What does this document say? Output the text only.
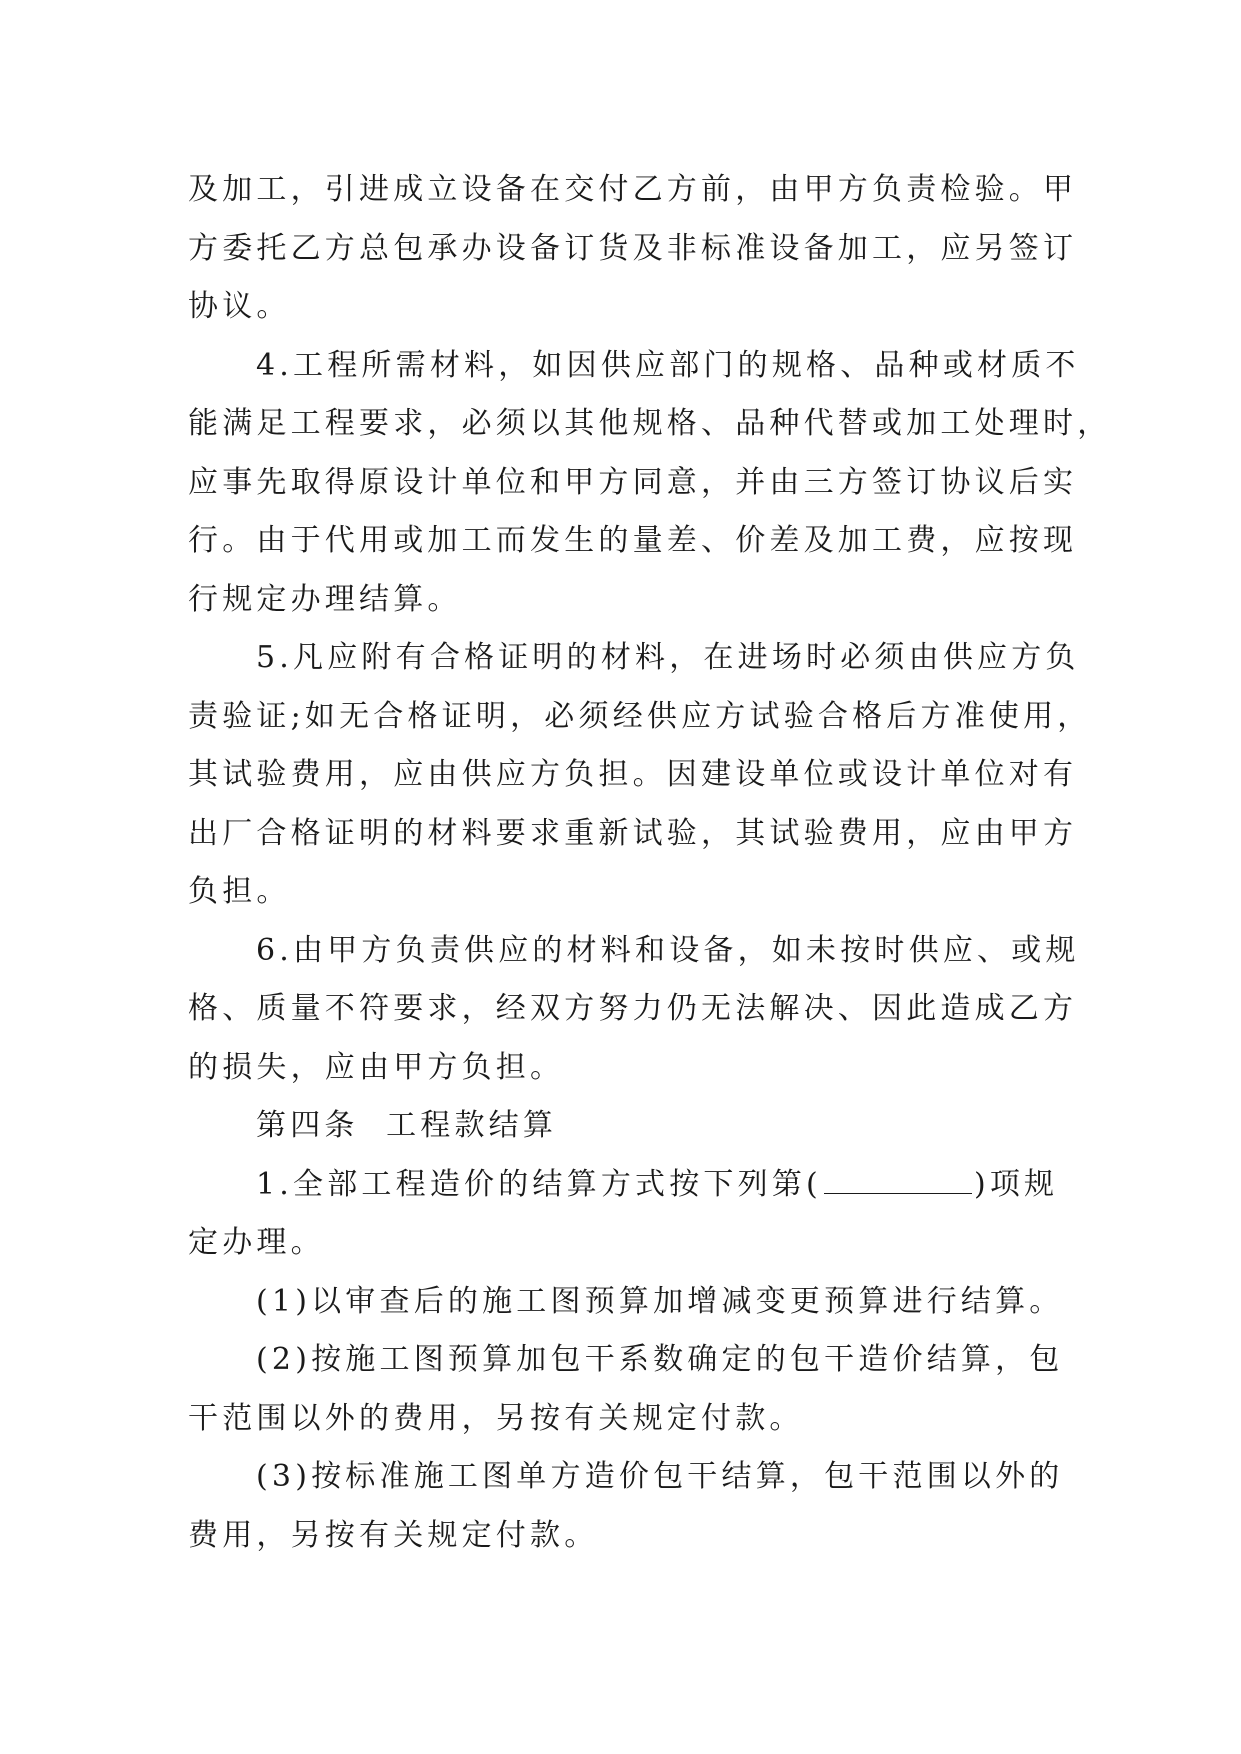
及加工，引进成立设备在交付乙方前，由甲方负责检验。甲
方委托乙方总包承办设备订货及非标准设备加工，应另签订
协议。
4.工程所需材料，如因供应部门的规格、品种或材质不
能满足工程要求，必须以其他规格、品种代替或加工处理时，
应事先取得原设计单位和甲方同意，并由三方签订协议后实
行。由于代用或加工而发生的量差、价差及加工费，应按现
行规定办理结算。
5.凡应附有合格证明的材料，在进场时必须由供应方负
责验证;如无合格证明，必须经供应方试验合格后方准使用，
其试验费用，应由供应方负担。因建设单位或设计单位对有
出厂合格证明的材料要求重新试验，其试验费用，应由甲方
负担。
6.由甲方负责供应的材料和设备，如未按时供应、或规
格、质量不符要求，经双方努力仍无法解决、因此造成乙方
的损失，应由甲方负担。
第四条  工程款结算
1.全部工程造价的结算方式按下列第(	)项规
定办理。
(1)以审查后的施工图预算加增减变更预算进行结算。
(2)按施工图预算加包干系数确定的包干造价结算，包
干范围以外的费用，另按有关规定付款。
(3)按标准施工图单方造价包干结算，包干范围以外的
费用，另按有关规定付款。
